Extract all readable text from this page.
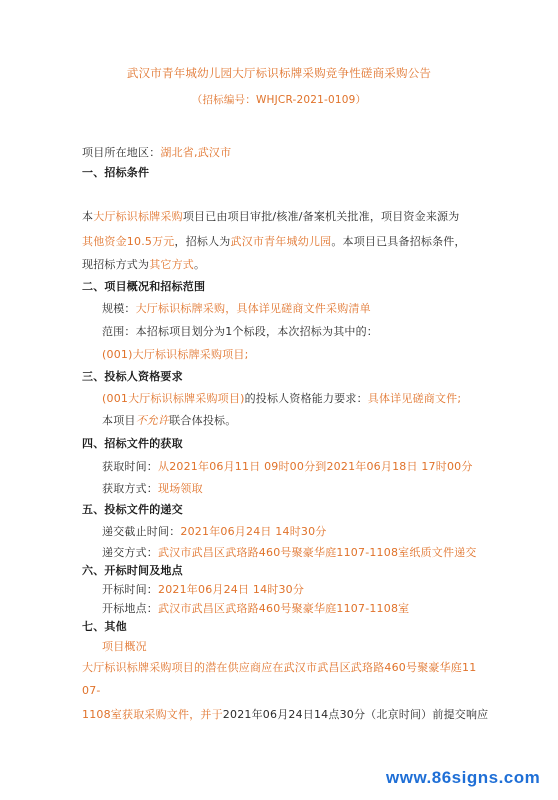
武汉市青年城幼儿园大厅标识标牌采购竞争性磋商采购公告
（招标编号：WHJCR-2021-0109）
项目所在地区：湖北省,武汉市
一、招标条件
本大厅标识标牌采购项目已由项目审批/核准/备案机关批准，项目资金来源为
其他资金10.5万元，招标人为武汉市青年城幼儿园。本项目已具备招标条件，
现招标方式为其它方式。
二、项目概况和招标范围
规模：大厅标识标牌采购，具体详见磋商文件采购清单
范围：本招标项目划分为1个标段，本次招标为其中的：
(001)大厅标识标牌采购项目;
三、投标人资格要求
(001大厅标识标牌采购项目)的投标人资格能力要求：具体详见磋商文件;
本项目不允许联合体投标。
四、招标文件的获取
获取时间：从2021年06月11日 09时00分到2021年06月18日 17时00分
获取方式：现场领取
五、投标文件的递交
递交截止时间：2021年06月24日 14时30分
递交方式：武汉市武昌区武珞路460号聚豪华庭1107-1108室纸质文件递交
六、开标时间及地点
开标时间：2021年06月24日 14时30分
开标地点：武汉市武昌区武珞路460号聚豪华庭1107-1108室
七、其他
项目概况
大厅标识标牌采购项目的潜在供应商应在武汉市武昌区武珞路460号聚豪华庭11
07-
1108室获取采购文件，并于2021年06月24日14点30分（北京时间）前提交响应
www.86signs.com
